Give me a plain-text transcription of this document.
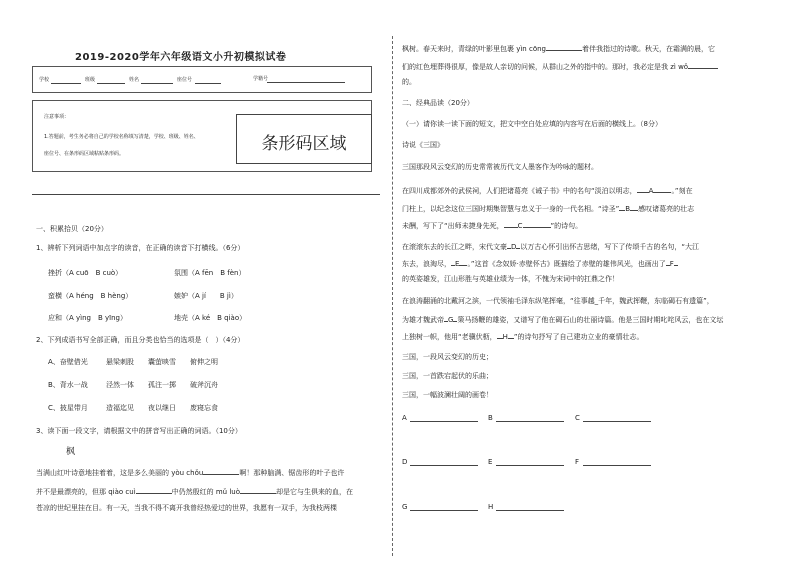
2019-2020学年六年级语文小升初模拟试卷
学校	班级	姓名	座位号	学籍号
注意事项：
1.答题前，考生务必将自己的学校名称填写清楚，学校、班级、姓名、
座位号、在条形码区域粘贴条形码。	条形码区域
一、积累拾贝（20分）
1、辨析下列词语中加点字的读音，在正确的读音下打横线。（6分）
挫折（A cuō　B cuò）	氛围（A fēn　B fèn）
蛮横（A héng　B hèng）	嫉妒（A jí　　B jì）
应和（A yìng　B yīng）	地壳（A ké　B qiào）
2、下列成语书写全部正确，而且分类也恰当的选项是（　）（4分）
A、奋壁借光	悬梁刺股 囊萤映雪 俯伸之明
B、背水一战	泾然一体 孤注一掷 破斧沉舟
C、披星带月	造福迄见 夜以继日 废寝忘食
3、读下面一段文字，请根据文中的拼音写出正确的词语。（10分）
枫
当满山红叶诗意地挂着着，这是多么美丽的 yòu chǒu	啊！那种脑满、锯齿形的叶子也许
并不是最漂亮的，但那 qiào cuì	中仍然殷红的 mǔ luò	却是它与生俱来的血，在
苍凉的世纪里挂在目。有一天，当我不得不离开我曾经热爱过的世界，我愿有一双手，为我枝两棵
枫树。春天来时，青绿的叶影里包裹 yìn cōng	着伴我指过的诗歌。秋天，在霜满的晨，它
们的红色埋葬得很厚，像是故人亲切的问候，从群山之外的指中的。那时，我必定是我 zì wǒ
的。
二、经典品读（20分）
（一）请你读一读下面的短文，把文中空白处应填的内容写在后面的横线上。（8分）
诗说《三国》
三国那段风云变幻的历史常常被历代文人墨客作为吟咏的题材。
在四川成都郊外的武侯祠，人们把诸葛亮《诫子书》中的名句“淡泊以明志， A	。”刻在
门柱上，以纪念这位三国时期集智慧与忠义于一身的一代名相。“诗圣” B 感叹诸葛亮的壮志
未酬，写下了“出师未捷身先死， C	”的诗句。
在滚滚东去的长江之畔，宋代文豪 D 以万古心怀引出怀古思绪，写下了传颂千古的名句，“大江
东去，浪淘尽， E 。”这首《念奴娇·赤壁怀古》既描绘了赤壁的雄伟风光，也画出了 F
的英姿雄发，江山形胜与英雄业绩为一体，不愧为宋词中的扛鼎之作！
在浪涛翻涌的北戴河之滨，一代领袖毛泽东纵笔挥毫，“往事越_千年，魏武挥鞭，东临碣石有遗篇”，
为雄才魏武帝 G 策马扬鞭的雄姿，又谱写了他在碣石山的壮丽诗篇。他是三国时期叱咤风云，也在文坛
上独树一帜，他用“老骥伏枥， H ”的诗句抒写了自己建功立业的豪情壮志。
三国，一段风云变幻的历史；
三国，一首跌宕起伏的乐曲；
三国，一幅波澜壮阔的画卷！
A	B	C
D	E	F
G	H
